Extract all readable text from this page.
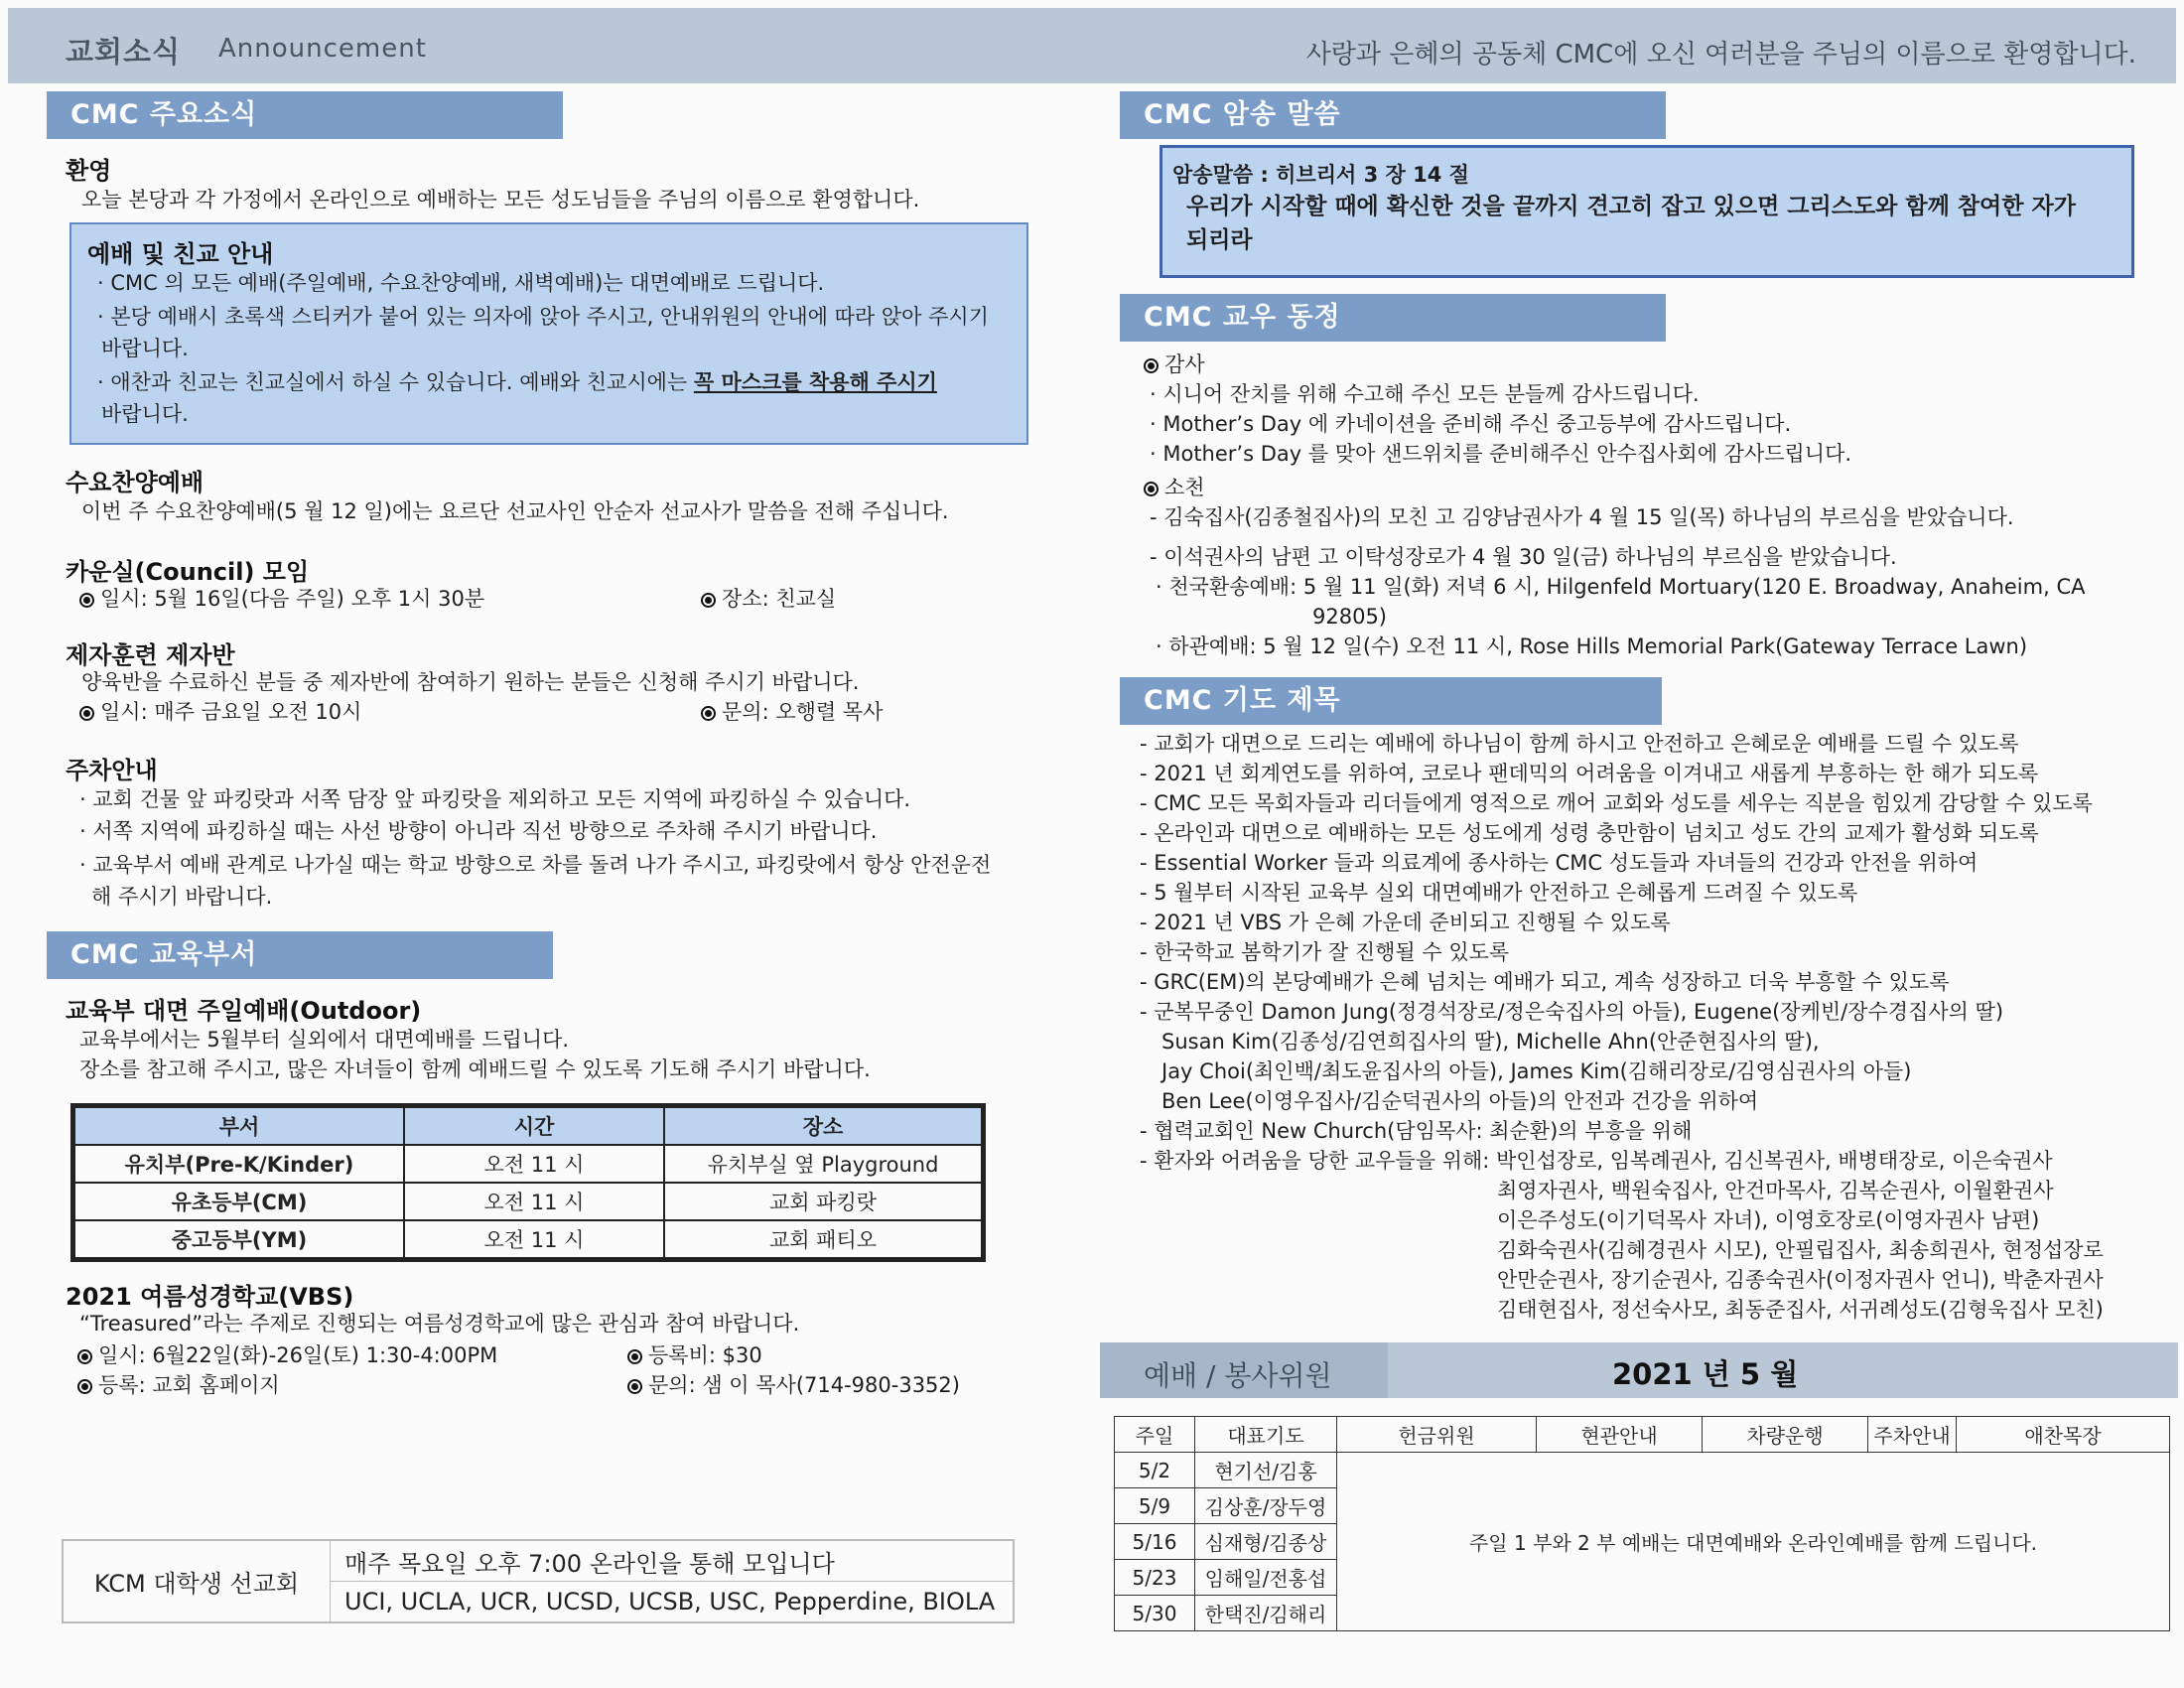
교회소식 Announcement	사랑과 은혜의 공동체 CMC에 오신 여러분을 주님의 이름으로 환영합니다.
CMC 주요소식
환영
오늘 본당과 각 가정에서 온라인으로 예배하는 모든 성도님들을 주님의 이름으로 환영합니다.
예배 및 친교 안내
· CMC 의 모든 예배(주일예배, 수요찬양예배, 새벽예배)는 대면예배로 드립니다.
· 본당 예배시 초록색 스티커가 붙어 있는 의자에 앉아 주시고, 안내위원의 안내에 따라 앉아 주시기
바랍니다.
· 애찬과 친교는 친교실에서 하실 수 있습니다. 예배와 친교시에는 꼭 마스크를 착용해 주시기
바랍니다.
수요찬양예배
이번 주 수요찬양예배(5 월 12 일)에는 요르단 선교사인 안순자 선교사가 말씀을 전해 주십니다.
카운실(Council) 모임
일시: 5월 16일(다음 주일) 오후 1시 30분	장소: 친교실
제자훈련 제자반
양육반을 수료하신 분들 중 제자반에 참여하기 원하는 분들은 신청해 주시기 바랍니다.
일시: 매주 금요일 오전 10시	문의: 오행렬 목사
주차안내
· 교회 건물 앞 파킹랏과 서쪽 담장 앞 파킹랏을 제외하고 모든 지역에 파킹하실 수 있습니다.
· 서쪽 지역에 파킹하실 때는 사선 방향이 아니라 직선 방향으로 주차해 주시기 바랍니다.
· 교육부서 예배 관계로 나가실 때는 학교 방향으로 차를 돌려 나가 주시고, 파킹랏에서 항상 안전운전
해 주시기 바랍니다.
CMC 교육부서
교육부 대면 주일예배(Outdoor)
교육부에서는 5월부터 실외에서 대면예배를 드립니다.
장소를 참고해 주시고, 많은 자녀들이 함께 예배드릴 수 있도록 기도해 주시기 바랍니다.
부서	시간	장소
유치부(Pre-K/Kinder)	오전 11 시	유치부실 옆 Playground
유초등부(CM)	오전 11 시	교회 파킹랏
중고등부(YM)	오전 11 시	교회 패티오
2021 여름성경학교(VBS)
“Treasured”라는 주제로 진행되는 여름성경학교에 많은 관심과 참여 바랍니다.
일시: 6월22일(화)-26일(토) 1:30-4:00PM	등록비: $30
등록: 교회 홈페이지	문의: 샘 이 목사(714-980-3352)
KCM 대학생 선교회	매주 목요일 오후 7:00 온라인을 통해 모입니다
UCI, UCLA, UCR, UCSD, UCSB, USC, Pepperdine, BIOLA
CMC 암송 말씀
암송말씀 : 히브리서 3 장 14 절
우리가 시작할 때에 확신한 것을 끝까지 견고히 잡고 있으면 그리스도와 함께 참여한 자가
되리라
CMC 교우 동정
감사
· 시니어 잔치를 위해 수고해 주신 모든 분들께 감사드립니다.
· Mother’s Day 에 카네이션을 준비해 주신 중고등부에 감사드립니다.
· Mother’s Day 를 맞아 샌드위치를 준비해주신 안수집사회에 감사드립니다.
소천
- 김숙집사(김종철집사)의 모친 고 김양남권사가 4 월 15 일(목) 하나님의 부르심을 받았습니다.
- 이석권사의 남편 고 이탁성장로가 4 월 30 일(금) 하나님의 부르심을 받았습니다.
· 천국환송예배: 5 월 11 일(화) 저녁 6 시, Hilgenfeld Mortuary(120 E. Broadway, Anaheim, CA
92805)
· 하관예배: 5 월 12 일(수) 오전 11 시, Rose Hills Memorial Park(Gateway Terrace Lawn)
CMC 기도 제목
- 교회가 대면으로 드리는 예배에 하나님이 함께 하시고 안전하고 은혜로운 예배를 드릴 수 있도록
- 2021 년 회계연도를 위하여, 코로나 팬데믹의 어려움을 이겨내고 새롭게 부흥하는 한 해가 되도록
- CMC 모든 목회자들과 리더들에게 영적으로 깨어 교회와 성도를 세우는 직분을 힘있게 감당할 수 있도록
- 온라인과 대면으로 예배하는 모든 성도에게 성령 충만함이 넘치고 성도 간의 교제가 활성화 되도록
- Essential Worker 들과 의료계에 종사하는 CMC 성도들과 자녀들의 건강과 안전을 위하여
- 5 월부터 시작된 교육부 실외 대면예배가 안전하고 은혜롭게 드려질 수 있도록
- 2021 년 VBS 가 은혜 가운데 준비되고 진행될 수 있도록
- 한국학교 봄학기가 잘 진행될 수 있도록
- GRC(EM)의 본당예배가 은혜 넘치는 예배가 되고, 계속 성장하고 더욱 부흥할 수 있도록
- 군복무중인 Damon Jung(정경석장로/정은숙집사의 아들), Eugene(장케빈/장수경집사의 딸)
Susan Kim(김종성/김연희집사의 딸), Michelle Ahn(안준현집사의 딸),
Jay Choi(최인백/최도윤집사의 아들), James Kim(김해리장로/김영심권사의 아들)
Ben Lee(이영우집사/김순덕권사의 아들)의 안전과 건강을 위하여
- 협력교회인 New Church(담임목사: 최순환)의 부흥을 위해
- 환자와 어려움을 당한 교우들을 위해: 박인섭장로, 임복례권사, 김신복권사, 배병태장로, 이은숙권사
최영자권사, 백원숙집사, 안건마목사, 김복순권사, 이월환권사
이은주성도(이기덕목사 자녀), 이영호장로(이영자권사 남편)
김화숙권사(김혜경권사 시모), 안필립집사, 최송희권사, 현정섭장로
안만순권사, 장기순권사, 김종숙권사(이정자권사 언니), 박춘자권사
김태현집사, 정선숙사모, 최동준집사, 서귀례성도(김형욱집사 모친)
예배 / 봉사위원	2021 년 5 월
주일	대표기도	헌금위원	현관안내	차량운행	주차안내	애찬목장
5/2	현기선/김홍	주일 1 부와 2 부 예배는 대면예배와 온라인예배를 함께 드립니다.				
5/9	김상훈/장두영					
5/16	심재형/김종상					
5/23	임해일/전홍섭					
5/30	한택진/김해리					
